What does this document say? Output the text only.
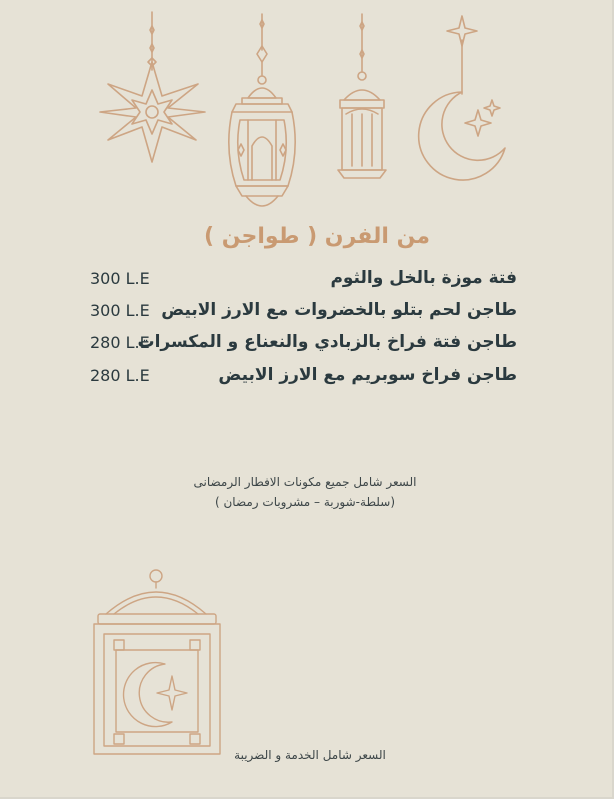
من الفرن ( طواجن )
فتة موزة بالخل والثوم
300 L.E
طاجن لحم بتلو بالخضروات مع الارز الابيض
300 L.E
طاجن فتة فراخ بالزبادي والنعناع و المكسرات
280 L.E
طاجن فراخ سوبريم مع الارز الابيض
280 L.E
السعر شامل جميع مكونات الافطار الرمضانى
(سلطة-شوربة – مشروبات رمضان )
السعر شامل الخدمة و الضريبة
